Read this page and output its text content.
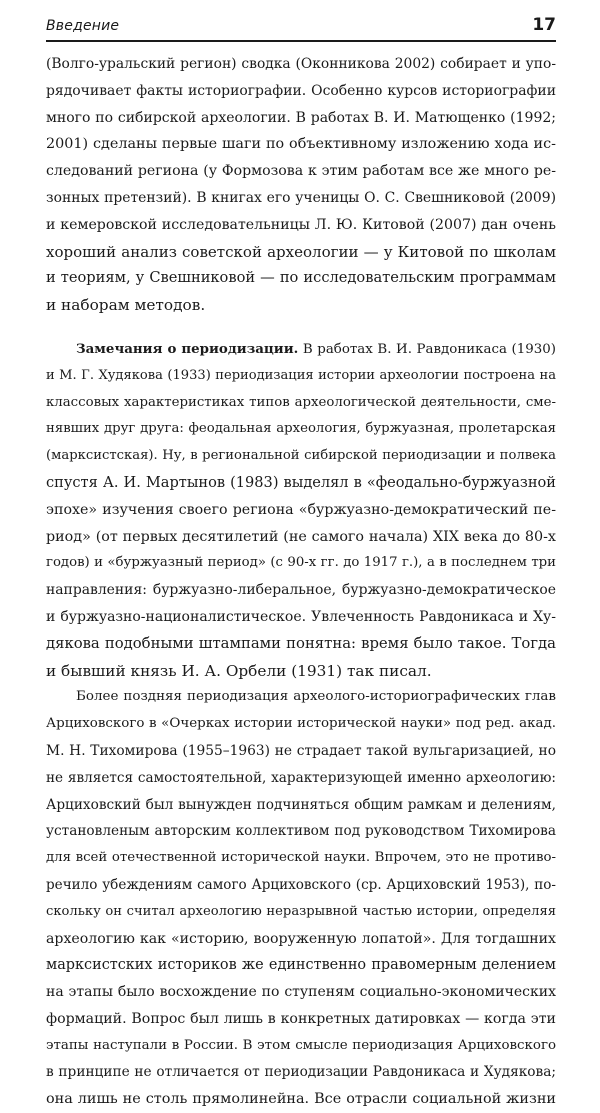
Введение	17
(Волго-уральский регион) сводка (Оконникова 2002) собирает и упо-
рядочивает факты историографии. Особенно курсов историографии
много по сибирской археологии. В работах В. И. Матющенко (1992;
2001) сделаны первые шаги по объективному изложению хода ис-
следований региона (у Формозова к этим работам все же много ре-
зонных претензий). В книгах его ученицы О. С. Свешниковой (2009)
и кемеровской исследовательницы Л. Ю. Китовой (2007) дан очень
хороший анализ советской археологии — у Китовой по школам
и теориям, у Свешниковой — по исследовательским программам
и наборам методов.
Замечания о периодизации. В работах В. И. Равдоникаса (1930)
и М. Г. Худякова (1933) периодизация истории археологии построена на
классовых характеристиках типов археологической деятельности, сме-
нявших друг друга: феодальная археология, буржуазная, пролетарская
(марксистская). Ну, в региональной сибирской периодизации и полвека
спустя А. И. Мартынов (1983) выделял в «феодально-буржуазной
эпохе» изучения своего региона «буржуазно-демократический пе-
риод» (от первых десятилетий (не самого начала) XIX века до 80-х
годов) и «буржуазный период» (с 90-х гг. до 1917 г.), а в последнем три
направления: буржуазно-либеральное, буржуазно-демократическое
и буржуазно-националистическое. Увлеченность Равдоникаса и Ху-
дякова подобными штампами понятна: время было такое. Тогда
и бывший князь И. А. Орбели (1931) так писал.
Более поздняя периодизация археолого-историографических глав
Арциховского в «Очерках истории исторической науки» под ред. акад.
М. Н. Тихомирова (1955–1963) не страдает такой вульгаризацией, но
не является самостоятельной, характеризующей именно археологию:
Арциховский был вынужден подчиняться общим рамкам и делениям,
установленым авторским коллективом под руководством Тихомирова
для всей отечественной исторической науки. Впрочем, это не противо-
речило убеждениям самого Арциховского (ср. Арциховский 1953), по-
скольку он считал археологию неразрывной частью истории, определяя
археологию как «историю, вооруженную лопатой». Для тогдашних
марксистских историков же единственно правомерным делением
на этапы было восхождение по ступеням социально-экономических
формаций. Вопрос был лишь в конкретных датировках — когда эти
этапы наступали в России. В этом смысле периодизация Арциховского
в принципе не отличается от периодизации Равдоникаса и Худякова;
она лишь не столь прямолинейна. Все отрасли социальной жизни
